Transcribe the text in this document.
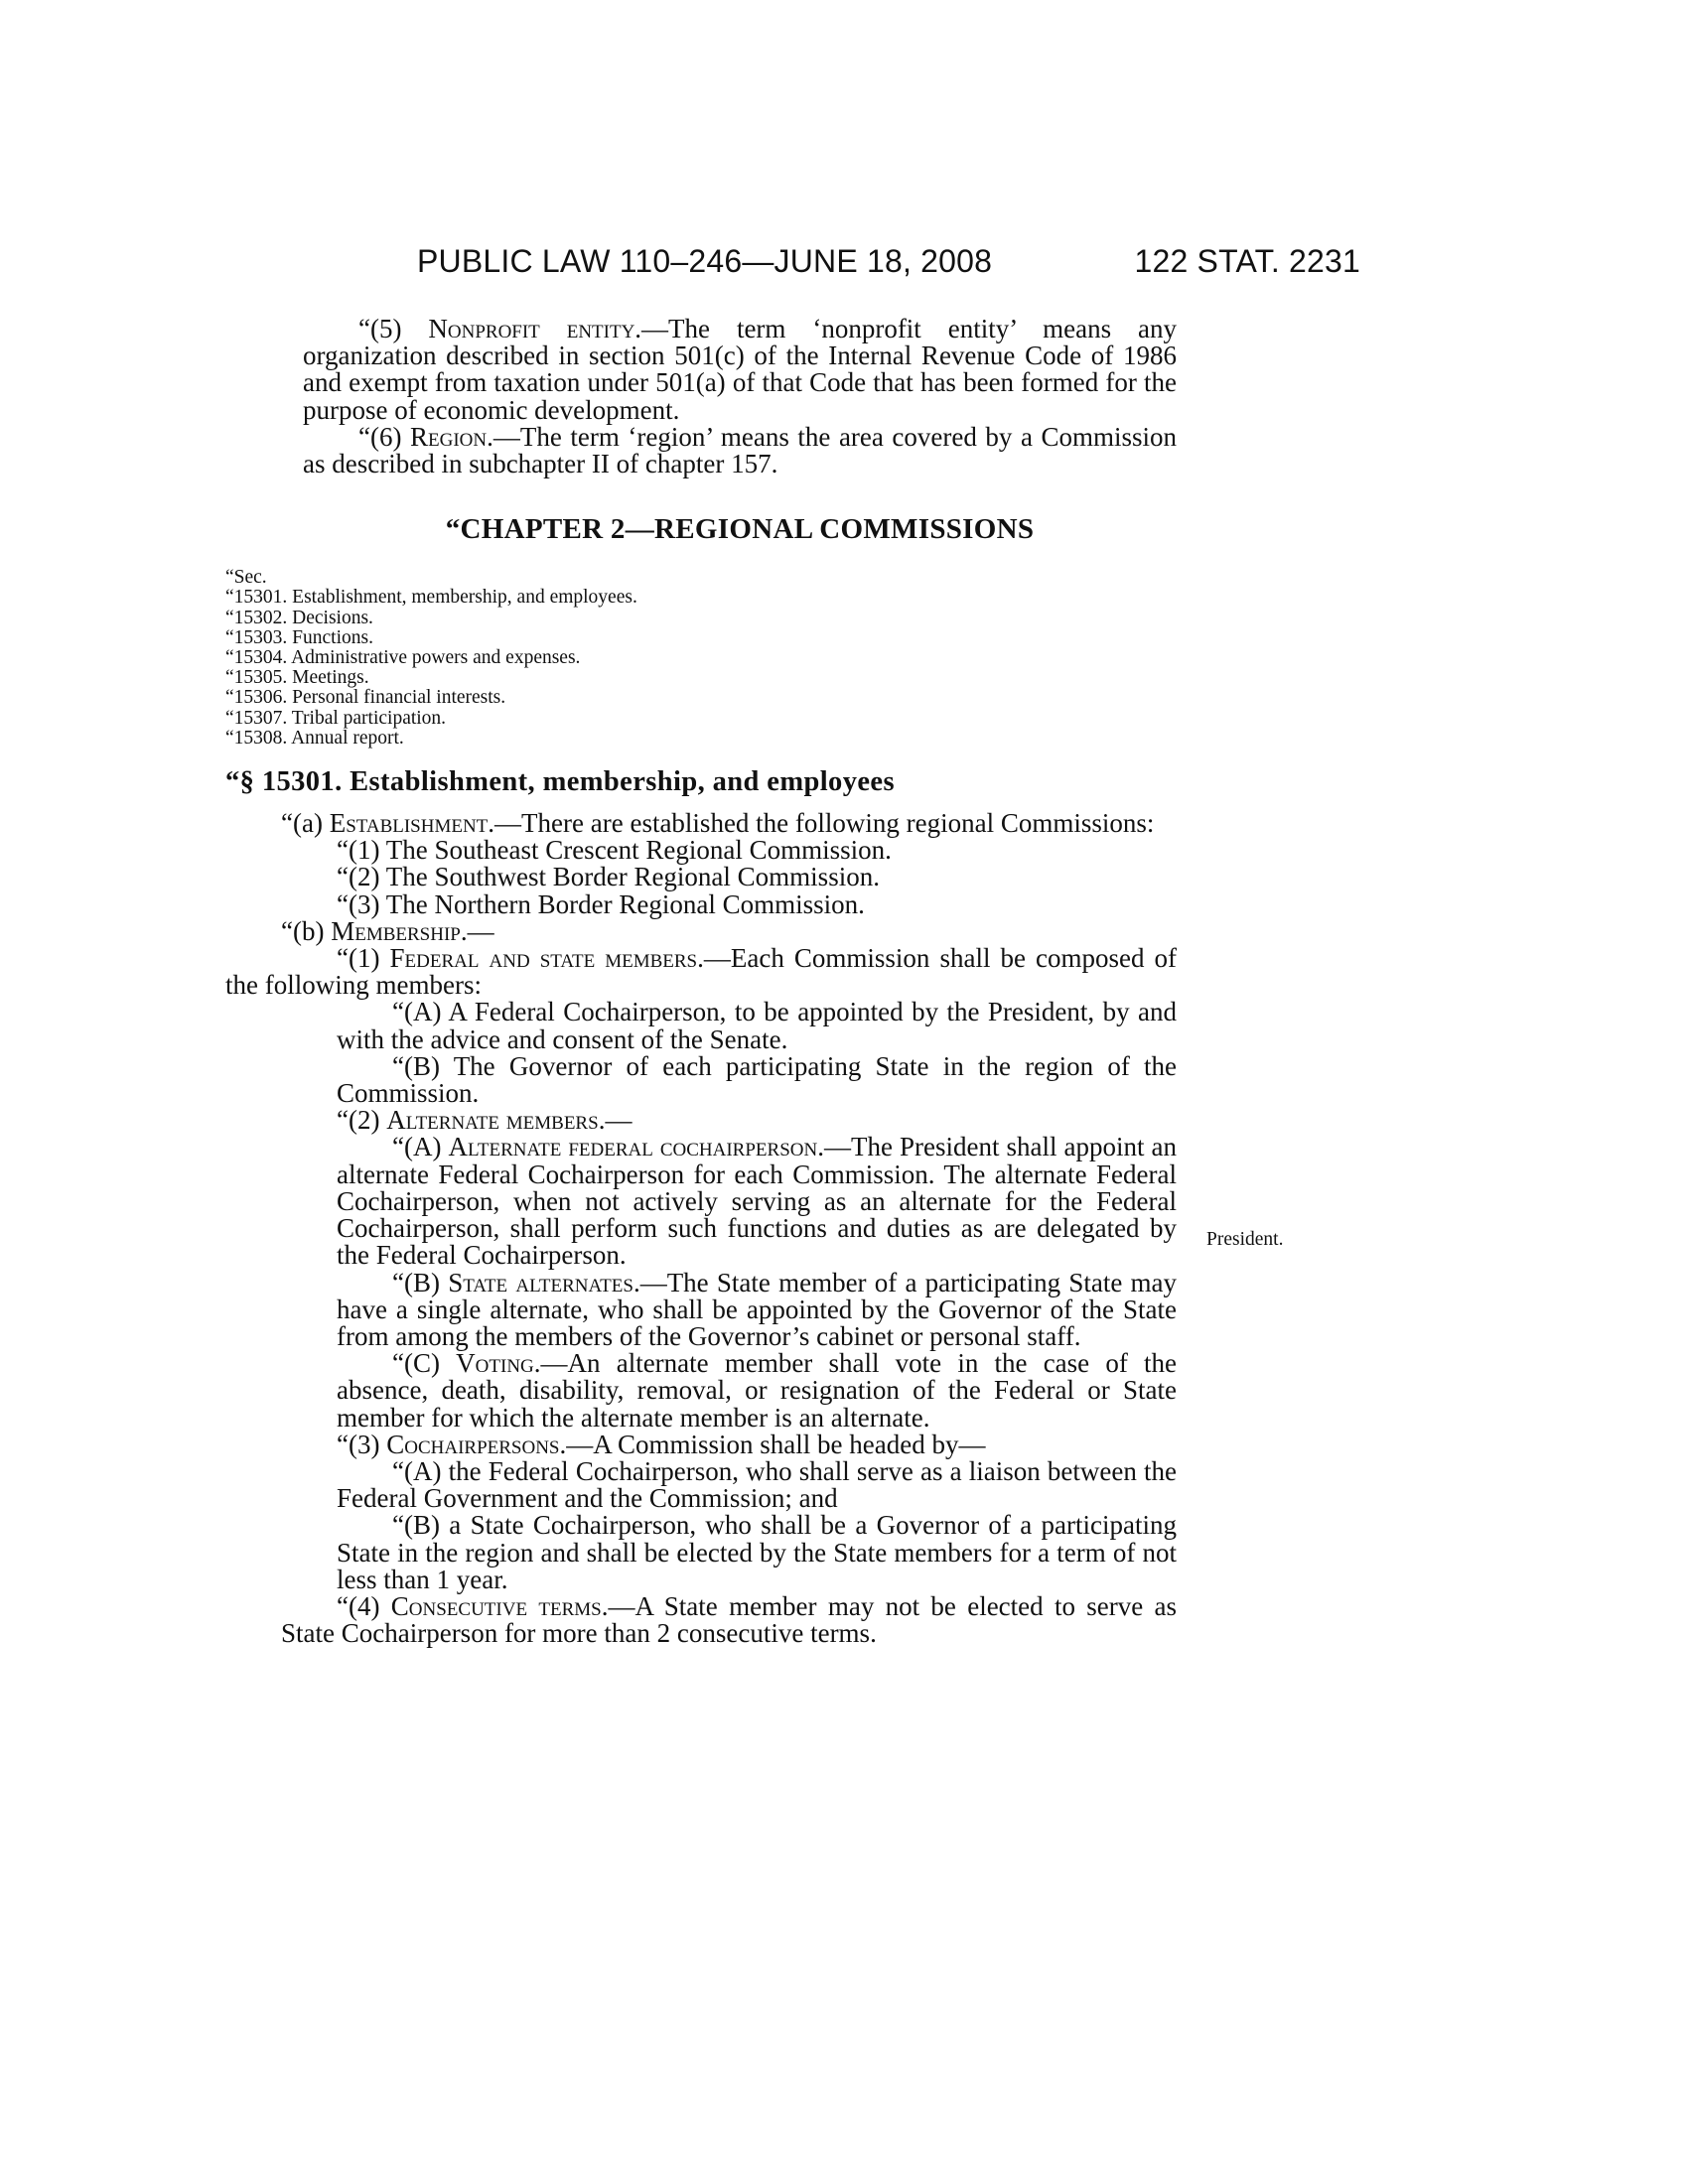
PUBLIC LAW 110–246—JUNE 18, 2008	122 STAT. 2231
President.

“(5) Nonprofit entity.—The term ‘nonprofit entity’ means any organization described in section 501(c) of the Internal Revenue Code of 1986 and exempt from taxation under 501(a) of that Code that has been formed for the purpose of economic development.

“(6) Region.—The term ‘region’ means the area covered by a Commission as described in subchapter II of chapter 157.

“CHAPTER 2—REGIONAL COMMISSIONS
“Sec.
“15301. Establishment, membership, and employees.
“15302. Decisions.
“15303. Functions.
“15304. Administrative powers and expenses.
“15305. Meetings.
“15306. Personal financial interests.
“15307. Tribal participation.
“15308. Annual report.
“§ 15301. Establishment, membership, and employees

“(a) Establishment.—There are established the following regional Commissions:

“(1) The Southeast Crescent Regional Commission.

“(2) The Southwest Border Regional Commission.

“(3) The Northern Border Regional Commission.

“(b) Membership.—

“(1) Federal and state members.—Each Commission shall be composed of the following members:

“(A) A Federal Cochairperson, to be appointed by the President, by and with the advice and consent of the Senate.

“(B) The Governor of each participating State in the region of the Commission.

“(2) Alternate members.—

“(A) Alternate federal cochairperson.—The President shall appoint an alternate Federal Cochairperson for each Commission. The alternate Federal Cochairperson, when not actively serving as an alternate for the Federal Cochairperson, shall perform such functions and duties as are delegated by the Federal Cochairperson.

“(B) State alternates.—The State member of a participating State may have a single alternate, who shall be appointed by the Governor of the State from among the members of the Governor’s cabinet or personal staff.

“(C) Voting.—An alternate member shall vote in the case of the absence, death, disability, removal, or resignation of the Federal or State member for which the alternate member is an alternate.

“(3) Cochairpersons.—A Commission shall be headed by—

“(A) the Federal Cochairperson, who shall serve as a liaison between the Federal Government and the Commission; and

“(B) a State Cochairperson, who shall be a Governor of a participating State in the region and shall be elected by the State members for a term of not less than 1 year.

“(4) Consecutive terms.—A State member may not be elected to serve as State Cochairperson for more than 2 consecutive terms.
